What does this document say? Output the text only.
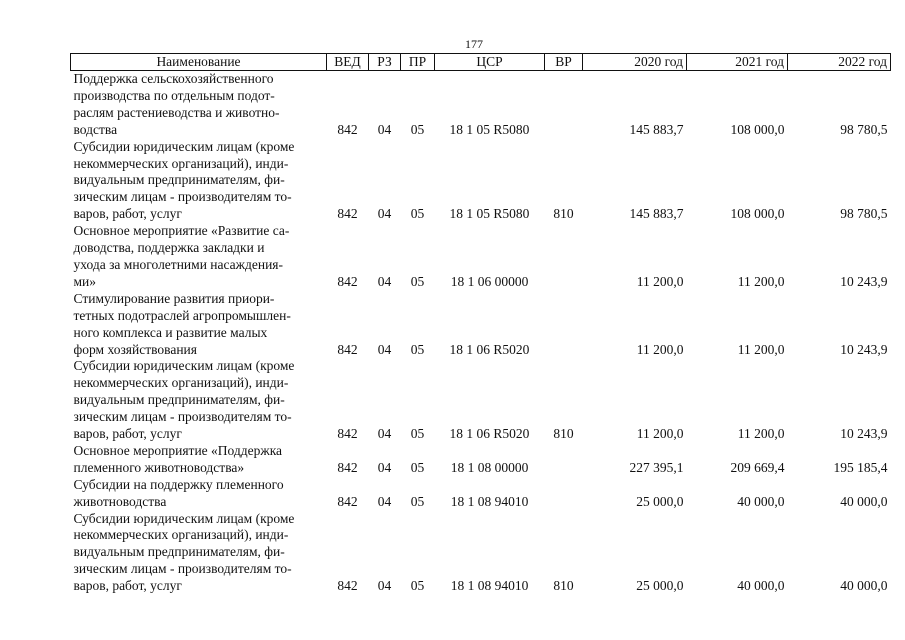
177
Наименование	ВЕД	РЗ	ПР	ЦСР	ВР	2020 год	2021 год	2022 год

Поддержка сельскохозяйственного
производства по отдельным подот-
раслям растениеводства и животно-
водства	842	04	05	18 1 05 R5080		145 883,7	108 000,0	98 780,5

Субсидии юридическим лицам (кроме
некоммерческих организаций), инди-
видуальным предпринимателям, фи-
зическим лицам - производителям то-
варов, работ, услуг	842	04	05	18 1 05 R5080	810	145 883,7	108 000,0	98 780,5

Основное мероприятие «Развитие са-
доводства, поддержка закладки и
ухода за многолетними насаждения-
ми»	842	04	05	18 1 06 00000		11 200,0	11 200,0	10 243,9

Стимулирование развития приори-
тетных подотраслей агропромышлен-
ного комплекса и развитие малых
форм хозяйствования	842	04	05	18 1 06 R5020		11 200,0	11 200,0	10 243,9

Субсидии юридическим лицам (кроме
некоммерческих организаций), инди-
видуальным предпринимателям, фи-
зическим лицам - производителям то-
варов, работ, услуг	842	04	05	18 1 06 R5020	810	11 200,0	11 200,0	10 243,9

Основное мероприятие «Поддержка
племенного животноводства»	842	04	05	18 1 08 00000		227 395,1	209 669,4	195 185,4

Субсидии на поддержку племенного
животноводства	842	04	05	18 1 08 94010		25 000,0	40 000,0	40 000,0

Субсидии юридическим лицам (кроме
некоммерческих организаций), инди-
видуальным предпринимателям, фи-
зическим лицам - производителям то-
варов, работ, услуг	842	04	05	18 1 08 94010	810	25 000,0	40 000,0	40 000,0
